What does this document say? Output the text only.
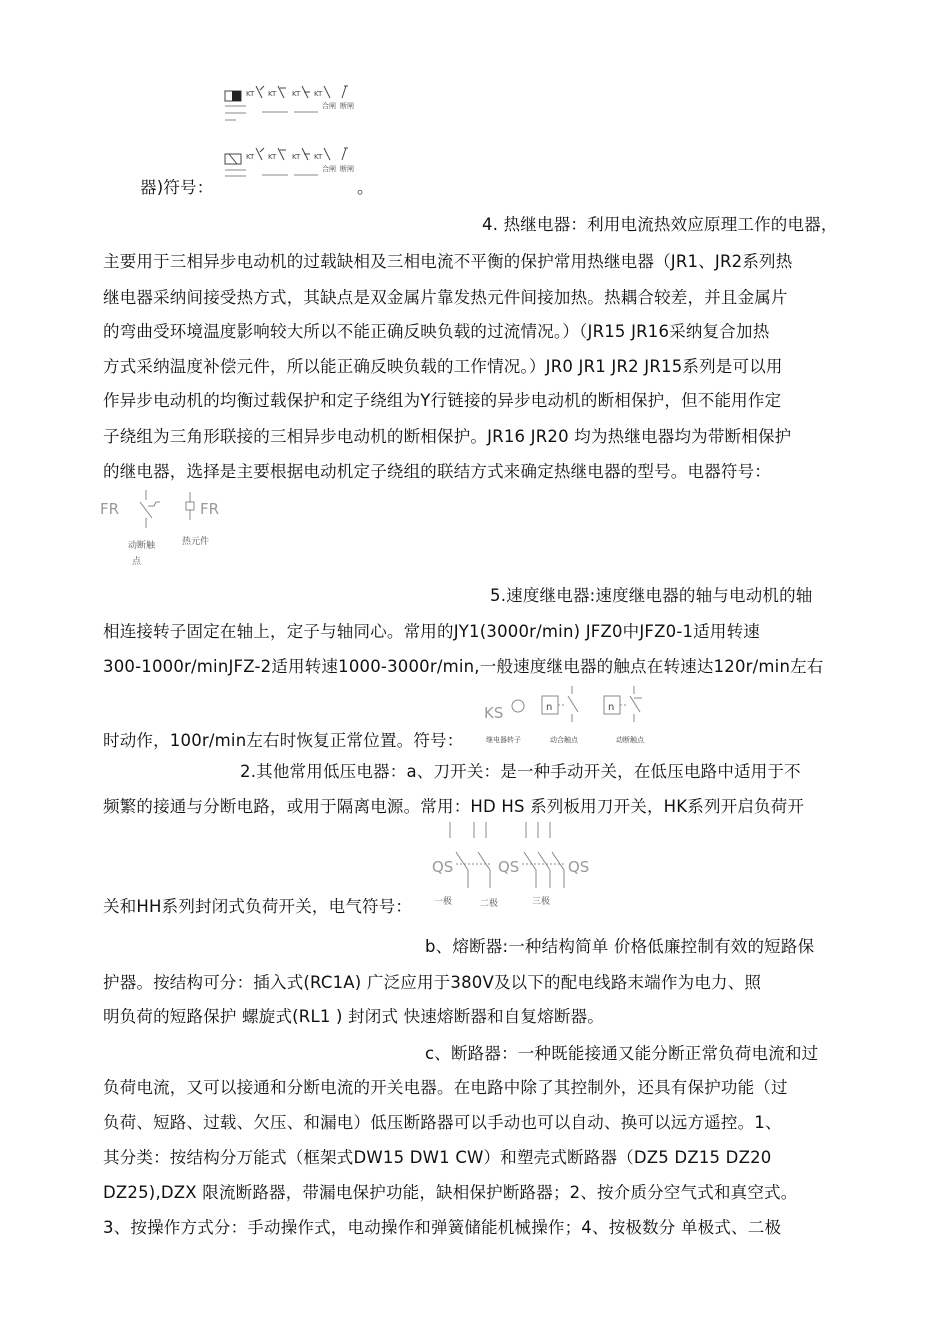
KT KT KT KT
合闸 断闸
KT KT KT KT
合闸 断闸
FR
动断触
点
FR
热元件
KS	n	n
继电器转子	动合触点	动断触点
QS	QS	QS
一极	二极	三极
器)符号：	。
4. 热继电器：利用电流热效应原理工作的电器，
主要用于三相异步电动机的过载缺相及三相电流不平衡的保护常用热继电器（JR1、JR2系列热
继电器采纳间接受热方式，其缺点是双金属片靠发热元件间接加热。热耦合较差，并且金属片
的弯曲受环境温度影响较大所以不能正确反映负载的过流情况。）（JR15 JR16采纳复合加热
方式采纳温度补偿元件，所以能正确反映负载的工作情况。）JR0 JR1 JR2 JR15系列是可以用
作异步电动机的均衡过载保护和定子绕组为Y行链接的异步电动机的断相保护，但不能用作定
子绕组为三角形联接的三相异步电动机的断相保护。JR16 JR20 均为热继电器均为带断相保护
的继电器，选择是主要根据电动机定子绕组的联结方式来确定热继电器的型号。电器符号：
5.速度继电器:速度继电器的轴与电动机的轴
相连接转子固定在轴上，定子与轴同心。常用的JY1(3000r/min) JFZ0中JFZ0-1适用转速
300-1000r/minJFZ-2适用转速1000-3000r/min,一般速度继电器的触点在转速达120r/min左右
时动作，100r/min左右时恢复正常位置。符号：
2.其他常用低压电器：a、刀开关：是一种手动开关，在低压电路中适用于不
频繁的接通与分断电路，或用于隔离电源。常用：HD HS 系列板用刀开关，HK系列开启负荷开
关和HH系列封闭式负荷开关，电气符号：
b、熔断器:一种结构简单 价格低廉控制有效的短路保
护器。按结构可分：插入式(RC1A) 广泛应用于380V及以下的配电线路末端作为电力、照
明负荷的短路保护 螺旋式(RL1 ) 封闭式 快速熔断器和自复熔断器。
c、断路器：一种既能接通又能分断正常负荷电流和过
负荷电流，又可以接通和分断电流的开关电器。在电路中除了其控制外，还具有保护功能（过
负荷、短路、过载、欠压、和漏电）低压断路器可以手动也可以自动、换可以远方遥控。1、
其分类：按结构分万能式（框架式DW15 DW1 CW）和塑壳式断路器（DZ5 DZ15 DZ20
DZ25),DZX 限流断路器，带漏电保护功能，缺相保护断路器；2、按介质分空气式和真空式。
3、按操作方式分：手动操作式，电动操作和弹簧储能机械操作；4、按极数分 单极式、二极
